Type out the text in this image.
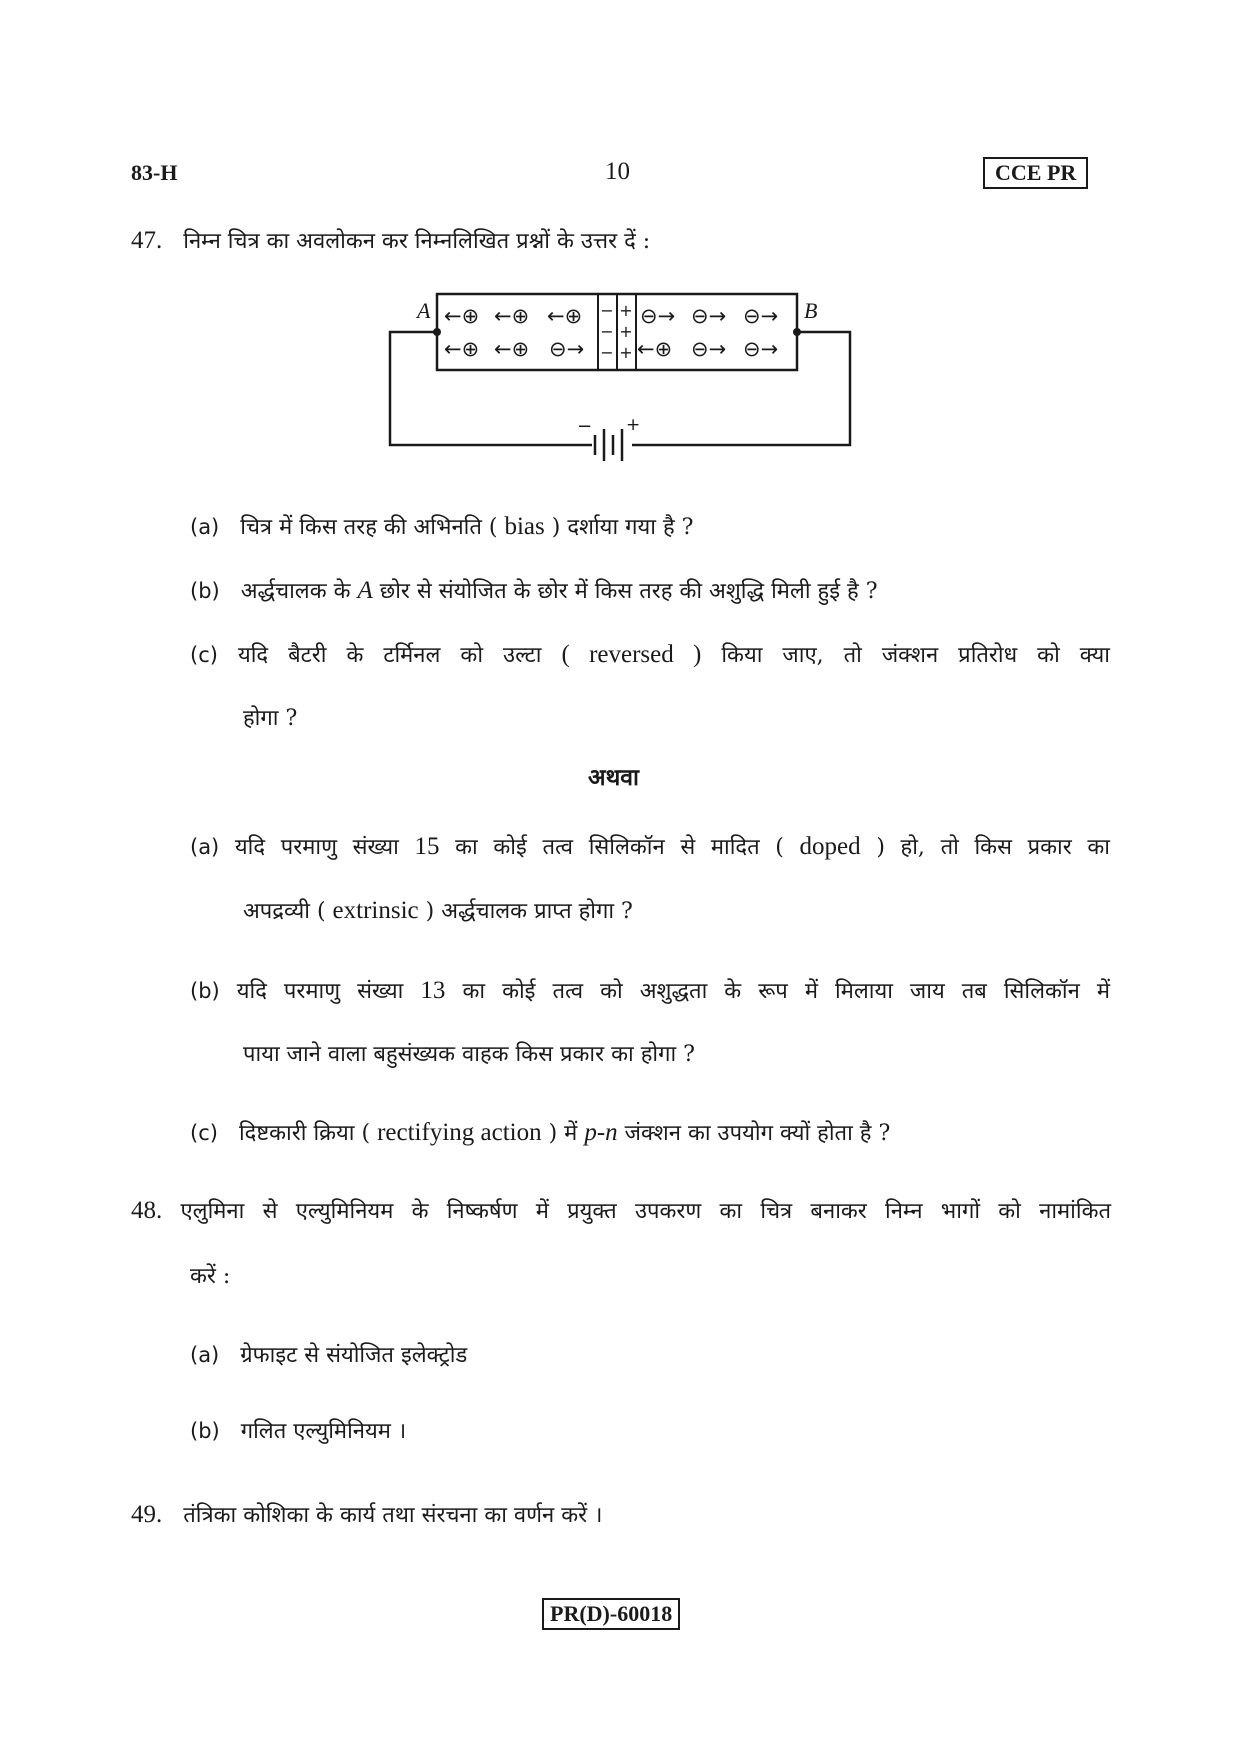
83-H	10	CCE PR
47. निम्न चित्र का अवलोकन कर निम्नलिखित प्रश्नों के उत्तर दें :
−
−
−
+
+
+
←⊕ ←⊕ ←⊕
←⊕ ←⊕ ⊖→
⊖→ ⊖→ ⊖→
←⊕ ⊖→ ⊖→
A	B
− +
(a) चित्र में किस तरह की अभिनति ( bias ) दर्शाया गया है ?
(b) अर्द्धचालक के A छोर से संयोजित के छोर में किस तरह की अशुद्धि मिली हुई है ?
(c) यदि बैटरी के टर्मिनल को उल्टा ( reversed ) किया जाए, तो जंक्शन प्रतिरोध को क्या
होगा ?
अथवा
(a) यदि परमाणु संख्या 15 का कोई तत्व सिलिकॉन से मादित ( doped ) हो, तो किस प्रकार का
अपद्रव्यी ( extrinsic ) अर्द्धचालक प्राप्त होगा ?
(b) यदि परमाणु संख्या 13 का कोई तत्व को अशुद्धता के रूप में मिलाया जाय तब सिलिकॉन में
पाया जाने वाला बहुसंख्यक वाहक किस प्रकार का होगा ?
(c) दिष्टकारी क्रिया ( rectifying action ) में p-n जंक्शन का उपयोग क्यों होता है ?
48. एलुमिना से एल्युमिनियम के निष्कर्षण में प्रयुक्त उपकरण का चित्र बनाकर निम्न भागों को नामांकित
करें :
(a) ग्रेफाइट से संयोजित इलेक्ट्रोड
(b) गलित एल्युमिनियम ।
49. तंत्रिका कोशिका के कार्य तथा संरचना का वर्णन करें ।
PR(D)-60018
